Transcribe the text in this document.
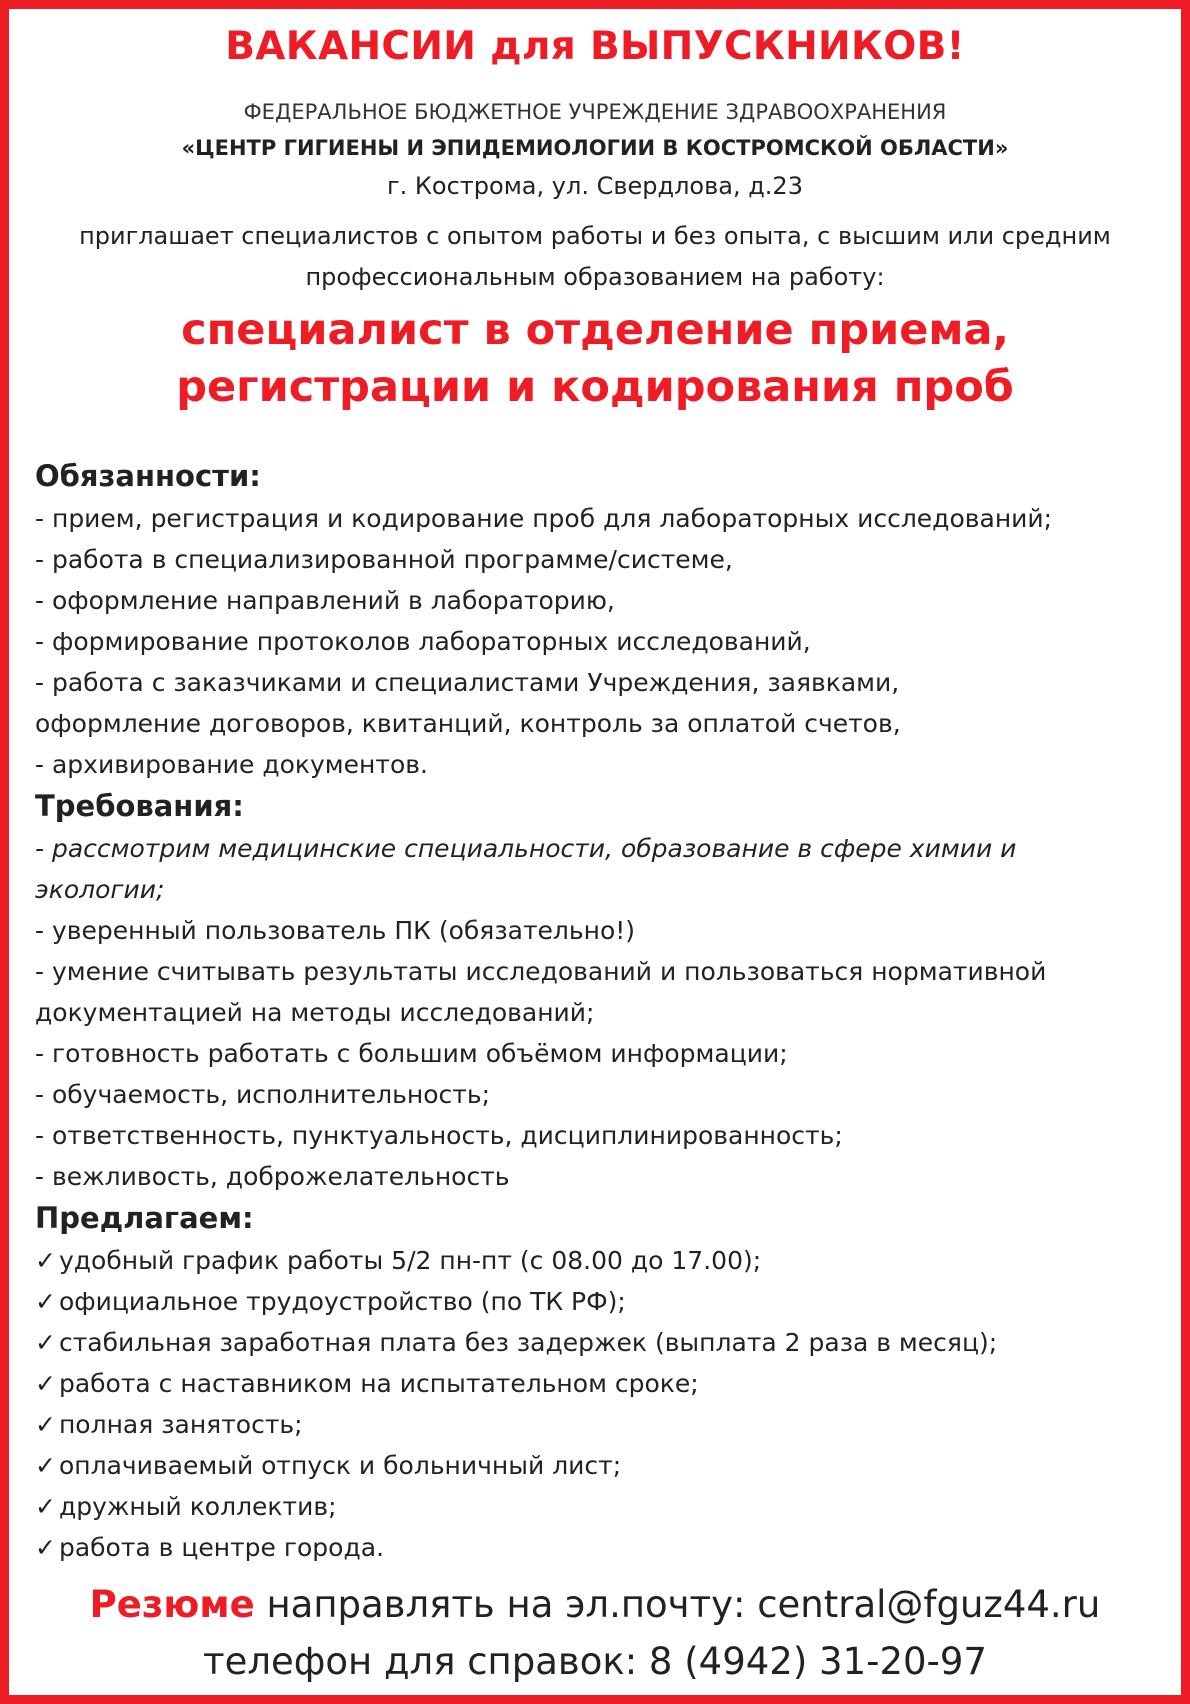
ВАКАНСИИ для ВЫПУСКНИКОВ!
ФЕДЕРАЛЬНОЕ БЮДЖЕТНОЕ УЧРЕЖДЕНИЕ ЗДРАВООХРАНЕНИЯ
«ЦЕНТР ГИГИЕНЫ И ЭПИДЕМИОЛОГИИ В КОСТРОМСКОЙ ОБЛАСТИ»
г. Кострома, ул. Свердлова, д.23
приглашает специалистов с опытом работы и без опыта, с высшим или средним
профессиональным образованием на работу:
специалист в отделение приема,
регистрации и кодирования проб
Обязанности:
- прием, регистрация и кодирование проб для лабораторных исследований;
- работа в специализированной программе/системе,
- оформление направлений в лабораторию,
- формирование протоколов лабораторных исследований,
- работа с заказчиками и специалистами Учреждения, заявками,
оформление договоров, квитанций, контроль за оплатой счетов,
- архивирование документов.
Требования:
- рассмотрим медицинские специальности, образование в сфере химии и
экологии;
- уверенный пользователь ПК (обязательно!)
- умение считывать результаты исследований и пользоваться нормативной
документацией на методы исследований;
- готовность работать с большим объёмом информации;
- обучаемость, исполнительность;
- ответственность, пунктуальность, дисциплинированность;
- вежливость, доброжелательность
Предлагаем:
✓ удобный график работы 5/2 пн-пт (с 08.00 до 17.00);
✓ официальное трудоустройство (по ТК РФ);
✓ стабильная заработная плата без задержек (выплата 2 раза в месяц);
✓ работа с наставником на испытательном сроке;
✓ полная занятость;
✓ оплачиваемый отпуск и больничный лист;
✓ дружный коллектив;
✓ работа в центре города.
Резюме направлять на эл.почту: central@fguz44.ru
телефон для справок: 8 (4942) 31-20-97
